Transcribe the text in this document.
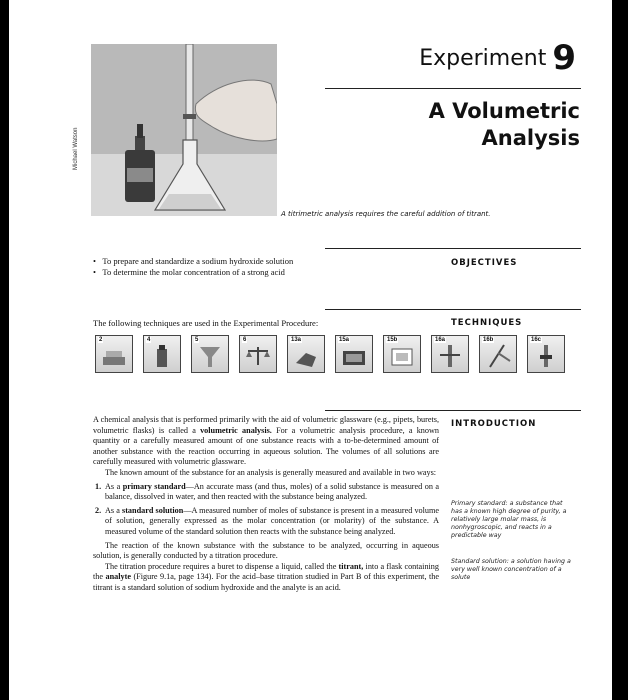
Michael Watson
Experiment 9
A Volumetric
Analysis
A titrimetric analysis requires the careful addition of titrant.
OBJECTIVES
•   To prepare and standardize a sodium hydroxide solution
•   To determine the molar concentration of a strong acid
TECHNIQUES
The following techniques are used in the Experimental Procedure:
2	4	5	6	13a	15a	15b	16a	16b	16c
INTRODUCTION

A chemical analysis that is performed primarily with the aid of volumetric glassware (e.g., pipets, burets, volumetric flasks) is called a volumetric analysis. For a volumetric analysis procedure, a known quantity or a carefully measured amount of one substance reacts with a to-be-determined amount of another substance with the reaction occurring in aqueous solution. The volumes of all solutions are carefully measured with volumetric glassware.

The known amount of the substance for an analysis is generally measured and available in two ways:

1. As a primary standard—An accurate mass (and thus, moles) of a solid substance is measured on a balance, dissolved in water, and then reacted with the substance being analyzed.

2. As a standard solution—A measured number of moles of substance is present in a measured volume of solution, generally expressed as the molar concentration (or molarity) of the substance. A measured volume of the standard solution then reacts with the substance being analyzed.

The reaction of the known substance with the substance to be analyzed, occurring in aqueous solution, is generally conducted by a titration procedure.

The titration procedure requires a buret to dispense a liquid, called the titrant, into a flask containing the analyte (Figure 9.1a, page 134). For the acid–base titration studied in Part B of this experiment, the titrant is a standard solution of sodium hydroxide and the analyte is an acid.

Primary standard: a substance that has a known high degree of purity, a relatively large molar mass, is nonhygroscopic, and reacts in a predictable way
Standard solution: a solution having a very well known concentration of a solute
